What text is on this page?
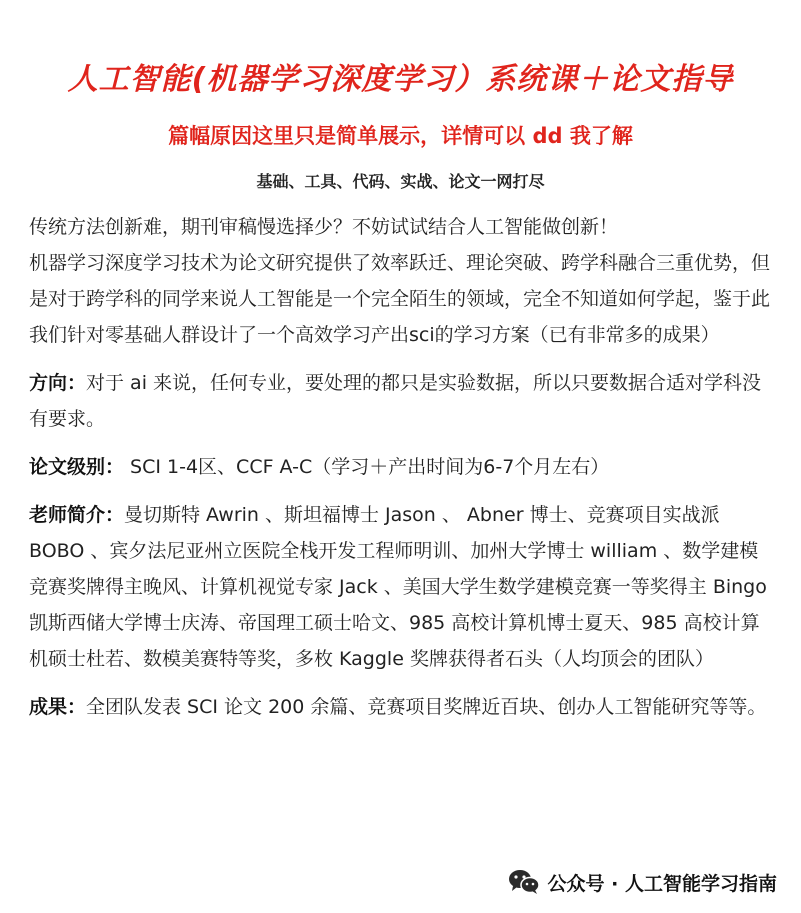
人工智能(机器学习深度学习）系统课＋论文指导
篇幅原因这里只是简单展示，详情可以 dd 我了解
基础、工具、代码、实战、论文一网打尽

传统方法创新难，期刊审稿慢选择少？不妨试试结合人工智能做创新！

机器学习深度学习技术为论文研究提供了效率跃迁、理论突破、跨学科融合三重优势，但是对于跨学科的同学来说人工智能是一个完全陌生的领域，完全不知道如何学起，鉴于此我们针对零基础人群设计了一个高效学习产出sci的学习方案（已有非常多的成果）

方向：对于 ai 来说，任何专业，要处理的都只是实验数据，所以只要数据合适对学科没有要求。

论文级别： SCI 1-4区、CCF A-C（学习＋产出时间为6-7个月左右）

老师简介：曼切斯特 Awrin 、斯坦福博士 Jason 、 Abner 博士、竞赛项目实战派 BOBO 、宾夕法尼亚州立医院全栈开发工程师明训、加州大学博士 william 、数学建模竞赛奖牌得主晚风、计算机视觉专家 Jack 、美国大学生数学建模竞赛一等奖得主 Bingo

凯斯西储大学博士庆涛、帝国理工硕士哈文、985 高校计算机博士夏天、985 高校计算机硕士杜若、数模美赛特等奖，多枚 Kaggle 奖牌获得者石头（人均顶会的团队）

成果：全团队发表 SCI 论文 200 余篇、竞赛项目奖牌近百块、创办人工智能研究等等。

公众号 · 人工智能学习指南
